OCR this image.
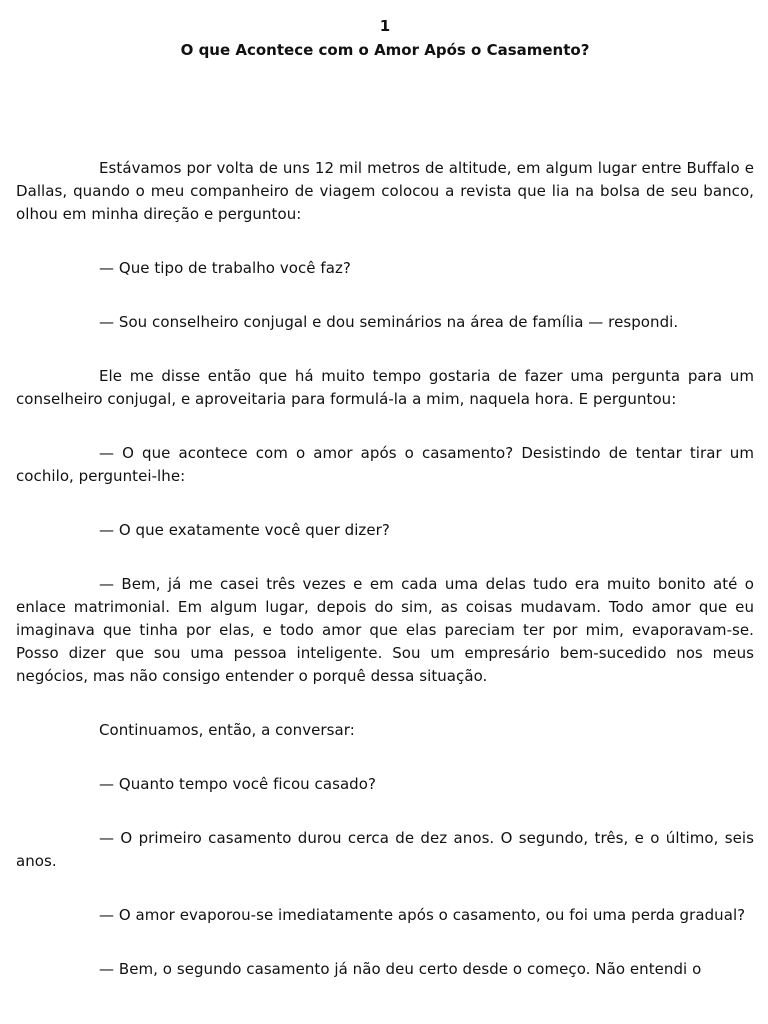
1
O que Acontece com o Amor Após o Casamento?

Estávamos por volta de uns 12 mil metros de altitude, em algum lugar entre Buffalo e Dallas, quando o meu companheiro de viagem colocou a revista que lia na bolsa de seu banco, olhou em minha direção e perguntou:

— Que tipo de trabalho você faz?

— Sou conselheiro conjugal e dou seminários na área de família — respondi.

Ele me disse então que há muito tempo gostaria de fazer uma pergunta para um conselheiro conjugal, e aproveitaria para formulá-la a mim, naquela hora. E perguntou:

— O que acontece com o amor após o casamento? Desistindo de tentar tirar um cochilo, perguntei-lhe:

— O que exatamente você quer dizer?

— Bem, já me casei três vezes e em cada uma delas tudo era muito bonito até o enlace matrimonial. Em algum lugar, depois do sim, as coisas mudavam. Todo amor que eu imaginava que tinha por elas, e todo amor que elas pareciam ter por mim, evaporavam-se. Posso dizer que sou uma pessoa inteligente. Sou um empresário bem-sucedido nos meus negócios, mas não consigo entender o porquê dessa situação.

Continuamos, então, a conversar:

— Quanto tempo você ficou casado?

— O primeiro casamento durou cerca de dez anos. O segundo, três, e o último, seis anos.

— O amor evaporou-se imediatamente após o casamento, ou foi uma perda gradual?

— Bem, o segundo casamento já não deu certo desde o começo. Não entendi o
